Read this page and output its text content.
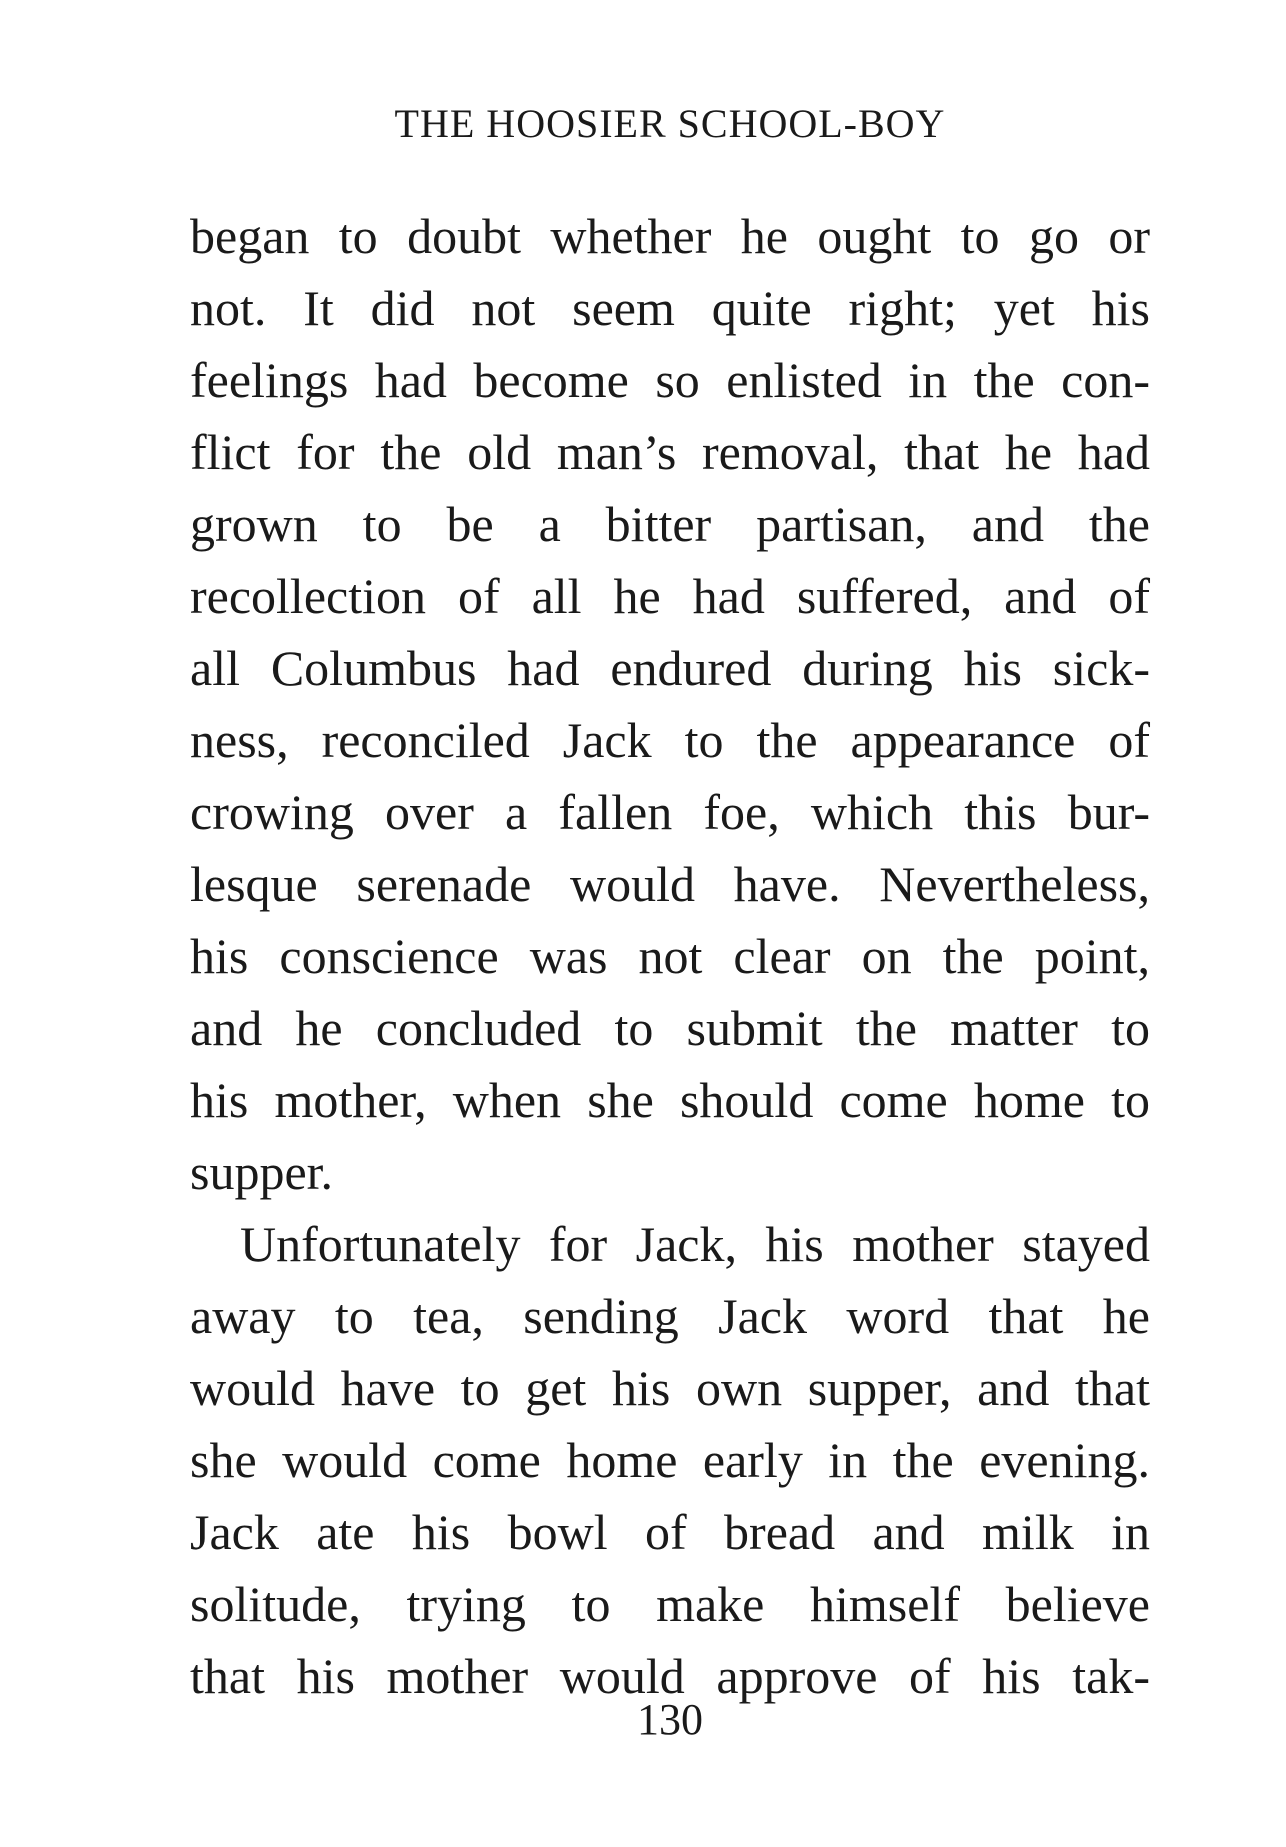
THE HOOSIER SCHOOL-BOY
began to doubt whether he ought to go or
not. It did not seem quite right; yet his
feelings had become so enlisted in the con-
flict for the old man’s removal, that he had
grown to be a bitter partisan, and the
recollection of all he had suffered, and of
all Columbus had endured during his sick-
ness, reconciled Jack to the appearance of
crowing over a fallen foe, which this bur-
lesque serenade would have. Nevertheless,
his conscience was not clear on the point,
and he concluded to submit the matter to
his mother, when she should come home to
supper.
Unfortunately for Jack, his mother stayed
away to tea, sending Jack word that he
would have to get his own supper, and that
she would come home early in the evening.
Jack ate his bowl of bread and milk in
solitude, trying to make himself believe
that his mother would approve of his tak-
130
